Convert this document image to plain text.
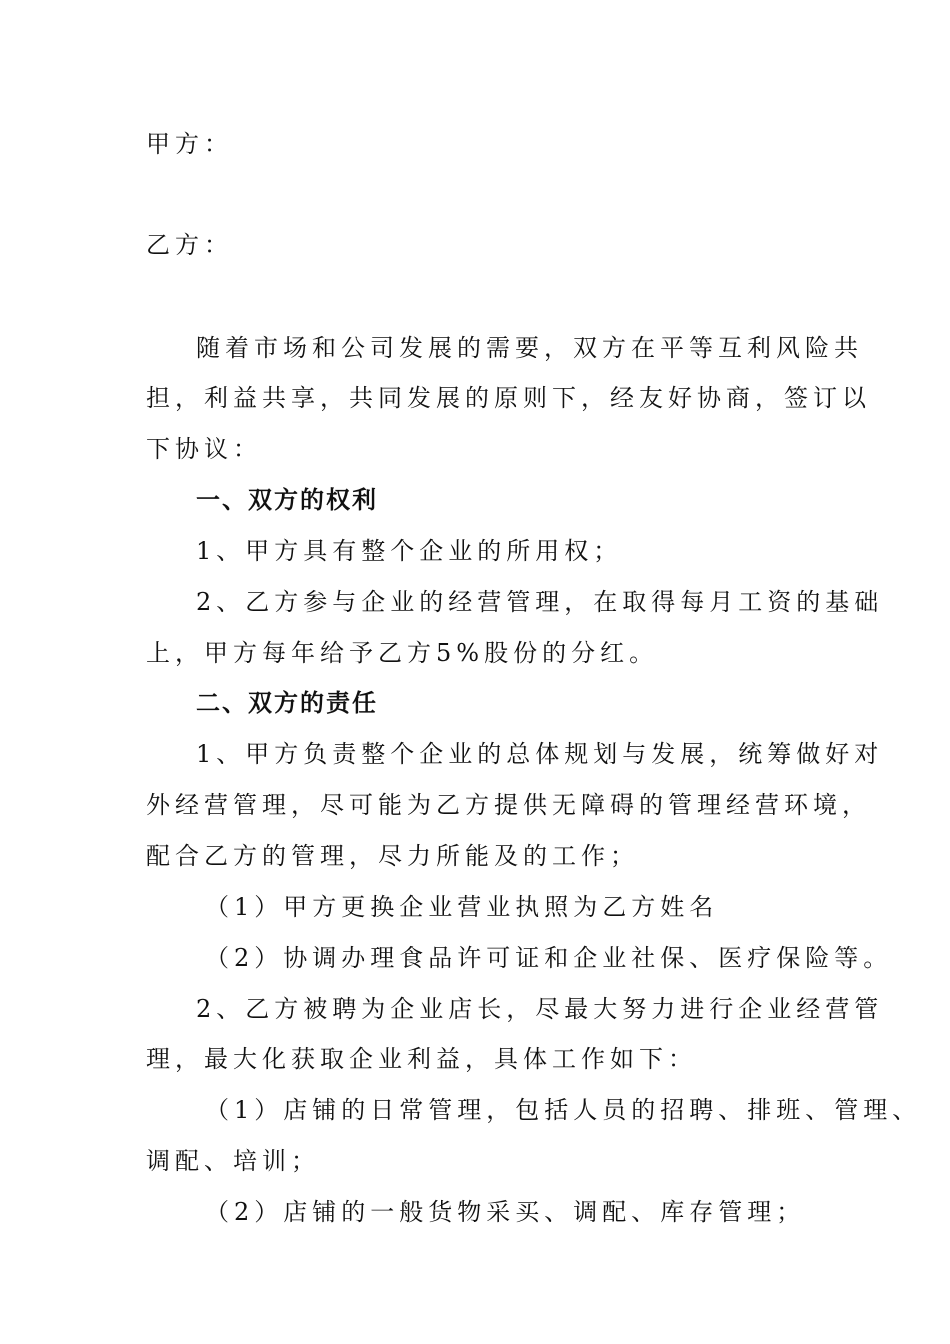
甲方：
乙方：
随着市场和公司发展的需要，双方在平等互利风险共
担，利益共享，共同发展的原则下，经友好协商，签订以
下协议：
一、双方的权利
1、甲方具有整个企业的所用权；
2、乙方参与企业的经营管理，在取得每月工资的基础
上，甲方每年给予乙方5%股份的分红。
二、双方的责任
1、甲方负责整个企业的总体规划与发展，统筹做好对
外经营管理，尽可能为乙方提供无障碍的管理经营环境，
配合乙方的管理，尽力所能及的工作；
（1）甲方更换企业营业执照为乙方姓名
（2）协调办理食品许可证和企业社保、医疗保险等。
2、乙方被聘为企业店长，尽最大努力进行企业经营管
理，最大化获取企业利益，具体工作如下：
（1）店铺的日常管理，包括人员的招聘、排班、管理、
调配、培训；
（2）店铺的一般货物采买、调配、库存管理；
